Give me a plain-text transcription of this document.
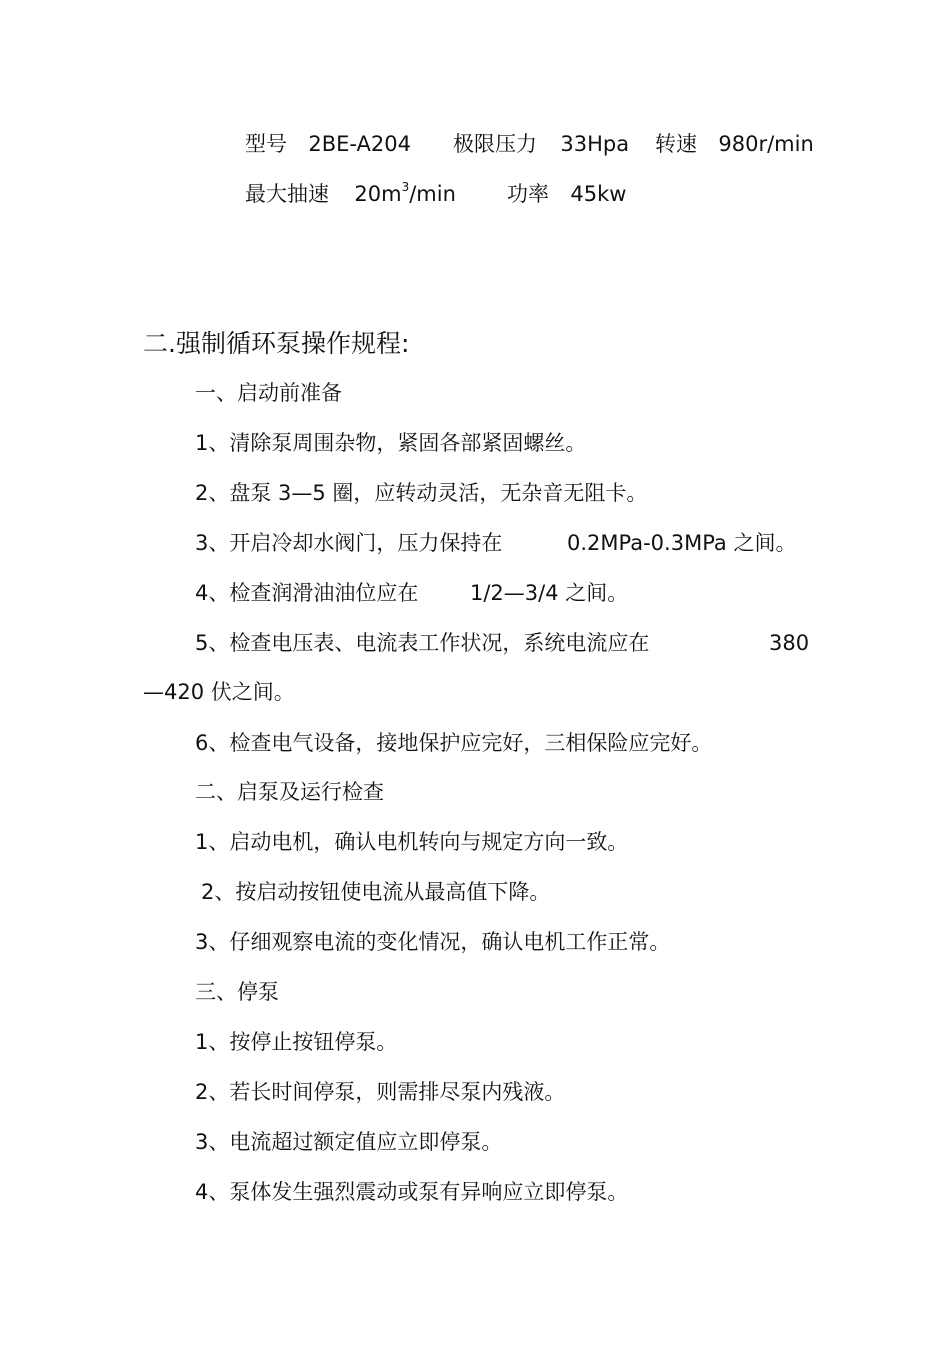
型号 2BE-A204 极限压力 33Hpa 转速 980r/min
最大抽速 $20m^3/\min$ 功率 45kw
二.强制循环泵操作规程:
一、启动前准备
1、清除泵周围杂物，紧固各部紧固螺丝。
2、盘泵 3—5 圈，应转动灵活，无杂音无阻卡。
3、开启冷却水阀门，压力保持在	0.2MPa-0.3MPa 之间。
4、检查润滑油油位应在 1/2—3/4 之间。
5、检查电压表、电流表工作状况，系统电流应在	380
—420 伏之间。
6、检查电气设备，接地保护应完好，三相保险应完好。
二、启泵及运行检查
1、启动电机，确认电机转向与规定方向一致。
2、按启动按钮使电流从最高值下降。
3、仔细观察电流的变化情况，确认电机工作正常。
三、停泵
1、按停止按钮停泵。
2、若长时间停泵，则需排尽泵内残液。
3、电流超过额定值应立即停泵。
4、泵体发生强烈震动或泵有异响应立即停泵。
